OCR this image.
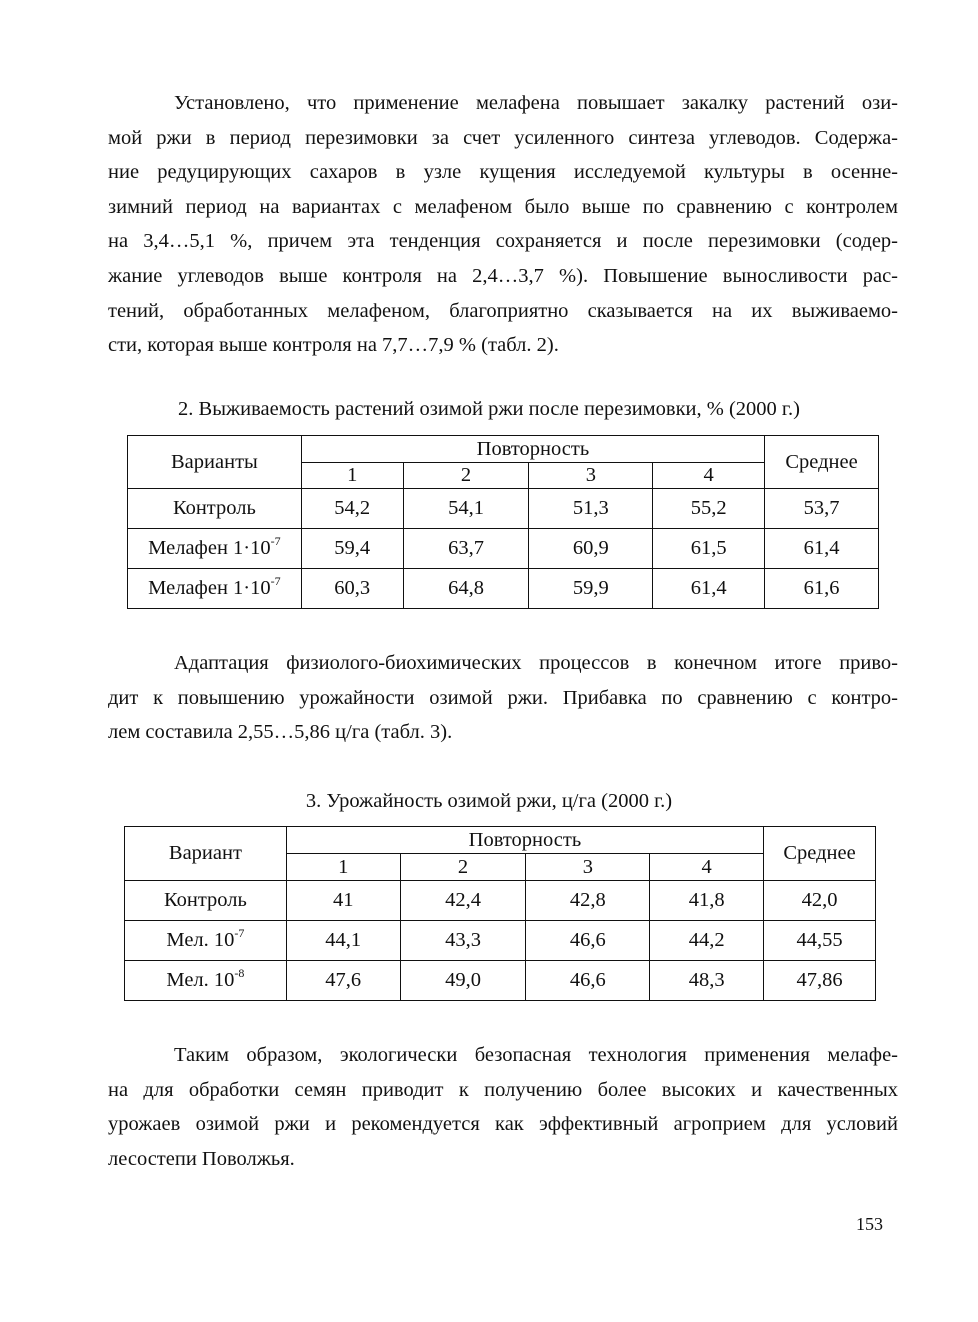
Установлено, что применение мелафена повышает закалку растений ози-
мой ржи в период перезимовки за счет усиленного синтеза углеводов. Содержа-
ние редуцирующих сахаров в узле кущения исследуемой культуры в осенне-
зимний период на вариантах с мелафеном было выше по сравнению с контролем
на 3,4…5,1 %, причем эта тенденция сохраняется и после перезимовки (содер-
жание углеводов выше контроля на 2,4…3,7 %). Повышение выносливости рас-
тений, обработанных мелафеном, благоприятно сказывается на их выживаемо-
сти, которая выше контроля на 7,7…7,9 % (табл. 2).

2. Выживаемость растений озимой ржи после перезимовки, % (2000 г.)

Варианты	Повторность				Среднее
	1	2	3	4	
Контроль	54,2	54,1	51,3	55,2	53,7
Мелафен $1\cdot 10^{-7}$	59,4	63,7	60,9	61,5	61,4
Мелафен $1\cdot 10^{-7}$	60,3	64,8	59,9	61,4	61,6
Адаптация физиолого-биохимических процессов в конечном итоге приво-
дит к повышению урожайности озимой ржи. Прибавка по сравнению с контро-
лем составила 2,55…5,86 ц/га (табл. 3).

3. Урожайность озимой ржи, ц/га (2000 г.)

Вариант	Повторность				Среднее
	1	2	3	4	
Контроль	41	42,4	42,8	41,8	42,0
Мел. $10^{-7}$	44,1	43,3	46,6	44,2	44,55
Мел. $10^{-8}$	47,6	49,0	46,6	48,3	47,86
Таким образом, экологически безопасная технология применения мелафе-
на для обработки семян приводит к получению более высоких и качественных
урожаев озимой ржи и рекомендуется как эффективный агроприем для условий
лесостепи Поволжья.
153
